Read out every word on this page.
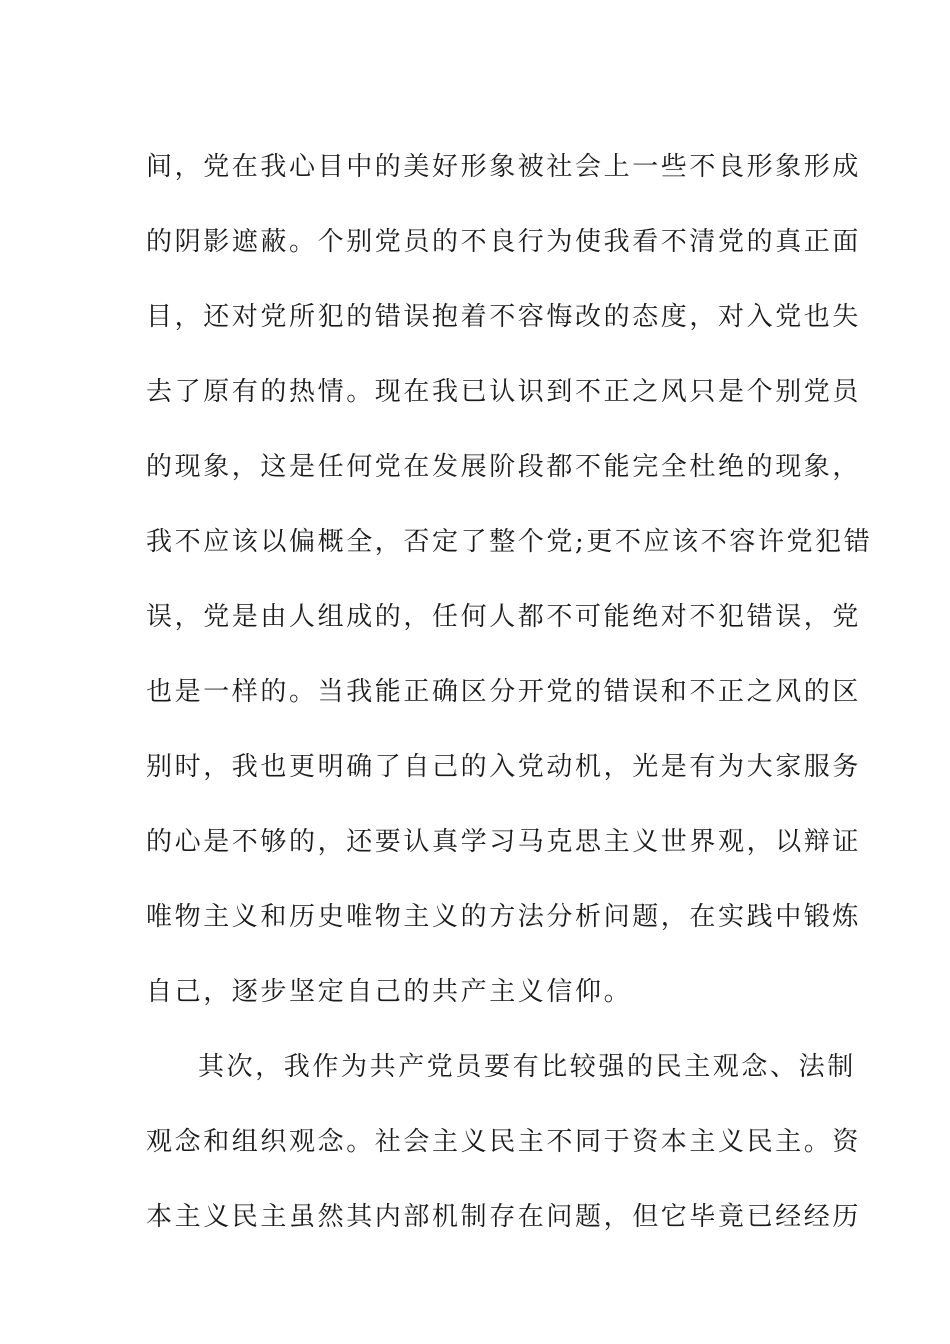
间，党在我心目中的美好形象被社会上一些不良形象形成
的阴影遮蔽。个别党员的不良行为使我看不清党的真正面
目，还对党所犯的错误抱着不容悔改的态度，对入党也失
去了原有的热情。现在我已认识到不正之风只是个别党员
的现象，这是任何党在发展阶段都不能完全杜绝的现象，
我不应该以偏概全，否定了整个党;更不应该不容许党犯错
误，党是由人组成的，任何人都不可能绝对不犯错误，党
也是一样的。当我能正确区分开党的错误和不正之风的区
别时，我也更明确了自己的入党动机，光是有为大家服务
的心是不够的，还要认真学习马克思主义世界观，以辩证
唯物主义和历史唯物主义的方法分析问题，在实践中锻炼
自己，逐步坚定自己的共产主义信仰。
其次，我作为共产党员要有比较强的民主观念、法制
观念和组织观念。社会主义民主不同于资本主义民主。资
本主义民主虽然其内部机制存在问题，但它毕竟已经经历
